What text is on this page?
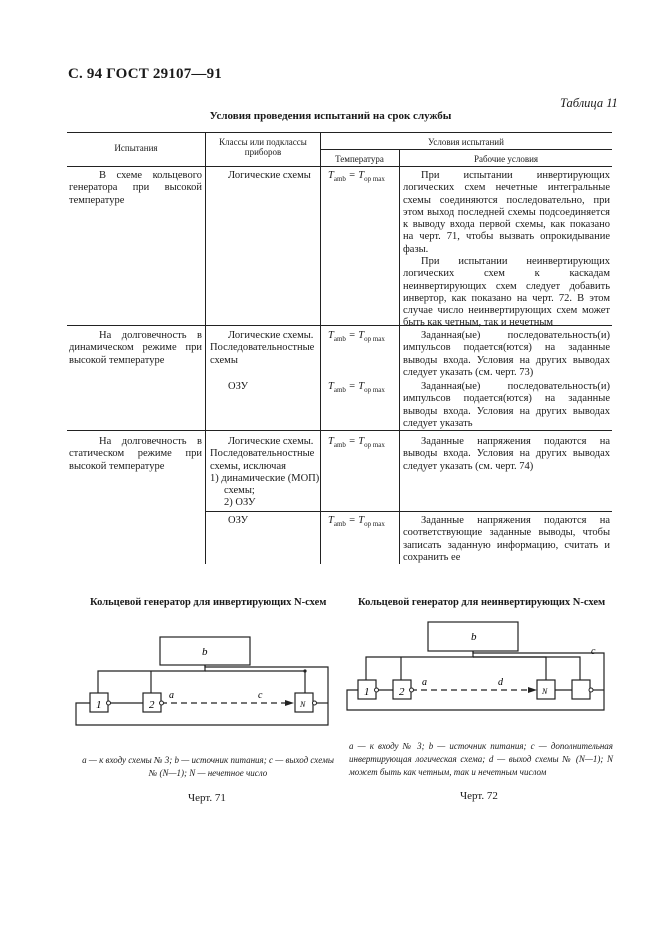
С. 94 ГОСТ 29107—91
Таблица 11
Условия проведения испытаний на срок службы
Испытания
Классы или подклассы приборов
Условия испытаний
Температура	Рабочие условия
В схеме кольцевого генератора при высокой температуре
Логические схемы	$T_{amb} = T_{op max}$	При испытании инвертирующих логических схем нечетные интегральные схемы соединяются последовательно, при этом выход последней схемы подсоединяется к выводу входа первой схемы, как показано на черт. 71, чтобы вызвать опрокидывание фазы.
При испытании неинвертирующих логических схем к каскадам неинвертирующих схем следует добавить инвертор, как показано на черт. 72. В этом случае число неинвертирующих схем может быть как четным, так и нечетным
На долговечность в динамическом режиме при высокой температуре
Логические схемы. Последовательностные схемы
$T_{amb} = T_{op max}$	Заданная(ые) последовательность(и) импульсов подается(ются) на заданные выводы входа. Условия на других выводах следует указать (см. черт. 73)
ОЗУ	$T_{amb} = T_{op max}$	Заданная(ые) последовательность(и) импульсов подается(ются) на заданные выводы входа. Условия на других выводах следует указать
На долговечность в статическом режиме при высокой температуре
Логические схемы. Последовательностные схемы, исключая
1) динамические (МОП) схемы;
2) ОЗУ
$T_{amb} = T_{op max}$	Заданные напряжения подаются на выводы входа. Условия на других выводах следует указать (см. черт. 74)
ОЗУ	$T_{amb} = T_{op max}$	Заданные напряжения подаются на соответствующие заданные выводы, чтобы записать заданную информацию, считать и сохранить ее
Кольцевой генератор для инвертирующих N-схем
b
1	2	N
a	c
a — к входу схемы № 3; b — источник питания; c — выход схемы № (N—1); N — нечетное число
Черт. 71
Кольцевой генератор для неинвертирующих N-схем
b
c
1	2	N
a	d
a — к входу № 3; b — источник питания; c — дополнительная инвертирующая логическая схема; d — выход схемы № (N—1); N может быть как четным, так и нечетным числом
Черт. 72
